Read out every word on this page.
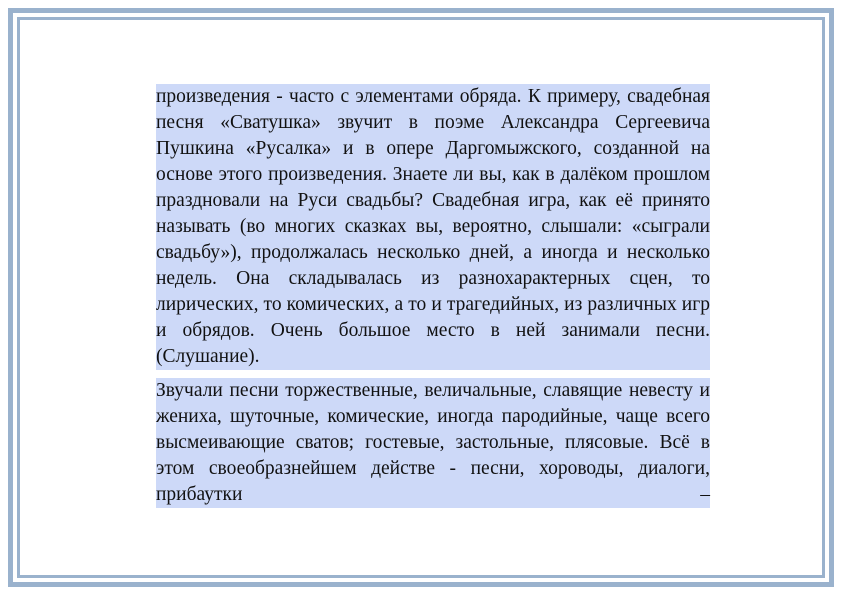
произведения - часто с элементами обряда. К примеру, свадебная песня «Сватушка» звучит в поэме Александра Сергеевича Пушкина «Русалка» и в опере Даргомыжского, созданной на основе этого произведения. Знаете ли вы, как в далёком прошлом праздновали на Руси свадьбы? Свадебная игра, как её принято называть (во многих сказках вы, вероятно, слышали: «сыграли свадьбу»), продолжалась несколько дней, а иногда и несколько недель. Она складывалась из разнохарактерных сцен, то лирических, то комических, а то и трагедийных, из различных игр и обрядов. Очень большое место в ней занимали песни. (Слушание).

Звучали песни торжественные, величальные, славящие невесту и жениха, шуточные, комические, иногда пародийные, чаще всего высмеивающие сватов; гостевые, застольные, плясовые. Всё в этом своеобразнейшем действе - песни, хороводы, диалоги, прибаутки –
